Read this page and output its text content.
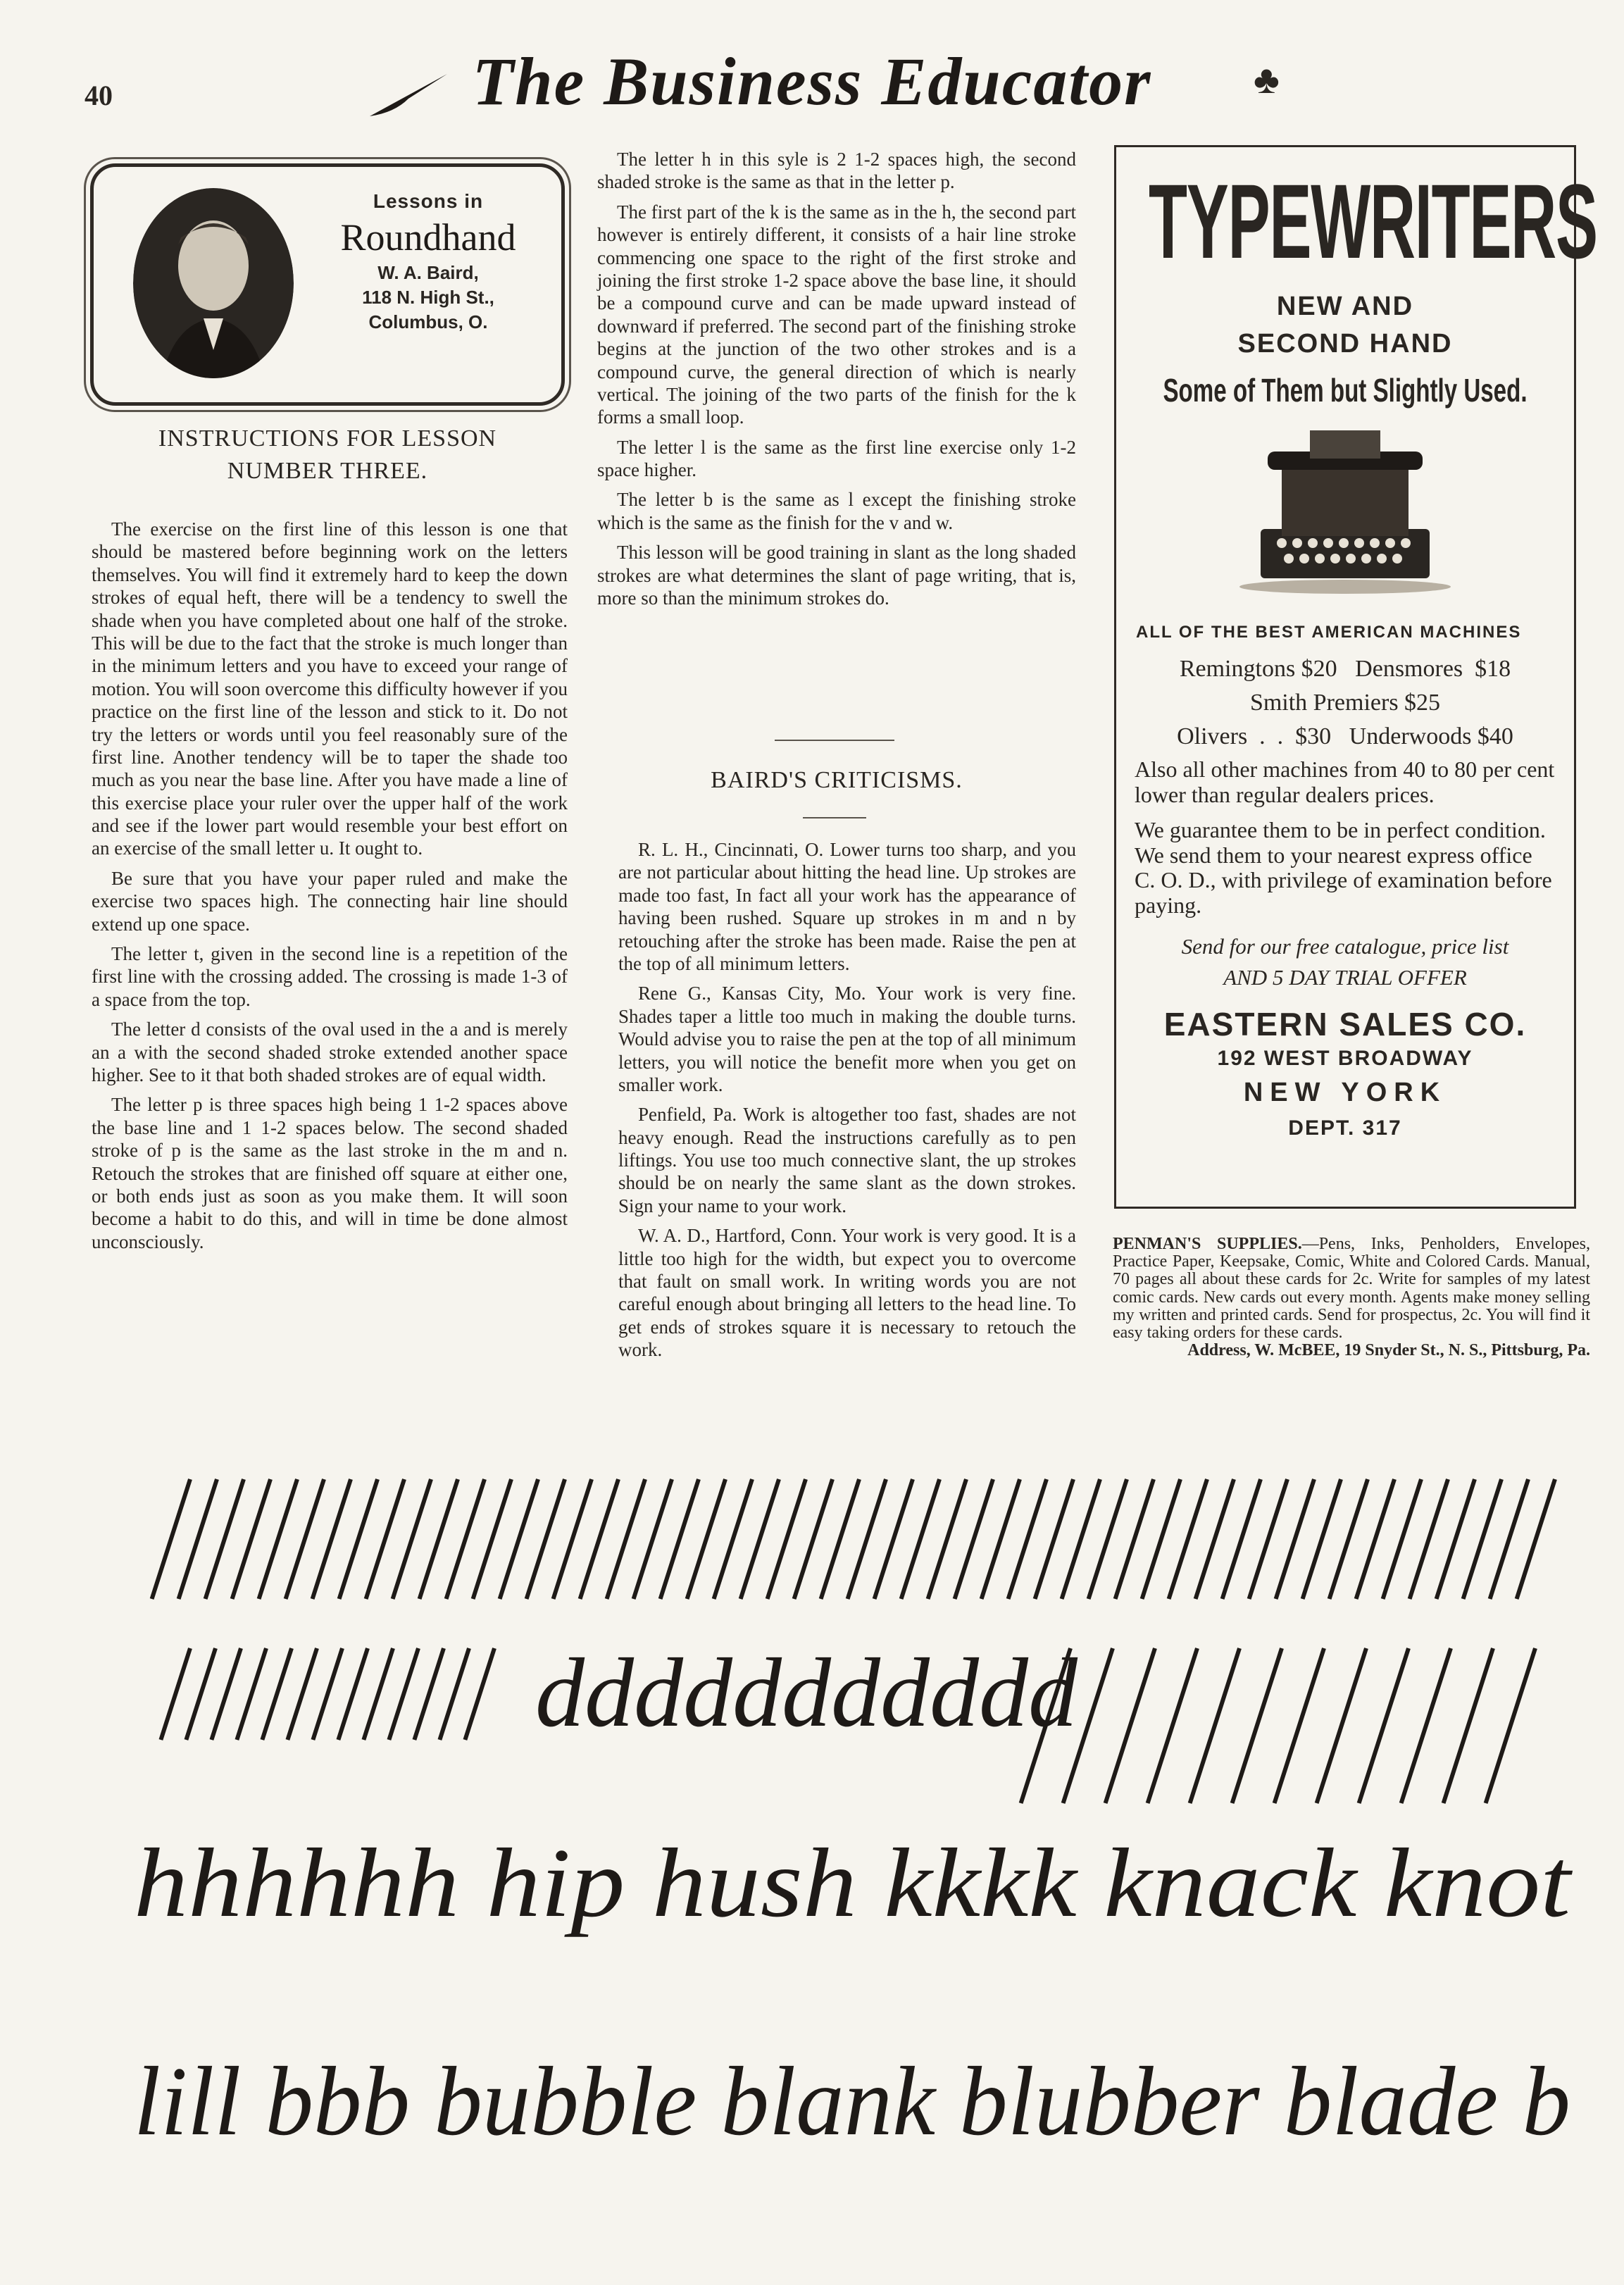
40	The Business Educator	♣
Lessons in
Roundhand
W. A. Baird,
118 N. High St.,
Columbus, O.
INSTRUCTIONS FOR LESSON NUMBER THREE.

The exercise on the first line of this lesson is one that should be mastered before beginning work on the letters themselves. You will find it extremely hard to keep the down strokes of equal heft, there will be a tendency to swell the shade when you have completed about one half of the stroke. This will be due to the fact that the stroke is much longer than in the minimum letters and you have to exceed your range of motion. You will soon overcome this difficulty however if you practice on the first line of the lesson and stick to it. Do not try the letters or words until you feel reasonably sure of the first line. Another tendency will be to taper the shade too much as you near the base line. After you have made a line of this exercise place your ruler over the upper half of the work and see if the lower part would resemble your best effort on an exercise of the small letter u. It ought to.

Be sure that you have your paper ruled and make the exercise two spaces high. The connecting hair line should extend up one space.

The letter t, given in the second line is a repetition of the first line with the crossing added. The crossing is made 1-3 of a space from the top.

The letter d consists of the oval used in the a and is merely an a with the second shaded stroke extended another space higher. See to it that both shaded strokes are of equal width.

The letter p is three spaces high being 1 1-2 spaces above the base line and 1 1-2 spaces below. The second shaded stroke of p is the same as the last stroke in the m and n. Retouch the strokes that are finished off square at either one, or both ends just as soon as you make them. It will soon become a habit to do this, and will in time be done almost unconsciously.

The letter h in this syle is 2 1-2 spaces high, the second shaded stroke is the same as that in the letter p.

The first part of the k is the same as in the h, the second part however is entirely different, it consists of a hair line stroke commencing one space to the right of the first stroke and joining the first stroke 1-2 space above the base line, it should be a compound curve and can be made upward instead of downward if preferred. The second part of the finishing stroke begins at the junction of the two other strokes and is a compound curve, the general direction of which is nearly vertical. The joining of the two parts of the finish for the k forms a small loop.

The letter l is the same as the first line exercise only 1-2 space higher.

The letter b is the same as l except the finishing stroke which is the same as the finish for the v and w.

This lesson will be good training in slant as the long shaded strokes are what determines the slant of page writing, that is, more so than the minimum strokes do.

BAIRD'S CRITICISMS.

R. L. H., Cincinnati, O. Lower turns too sharp, and you are not particular about hitting the head line. Up strokes are made too fast, In fact all your work has the appearance of having been rushed. Square up strokes in m and n by retouching after the stroke has been made. Raise the pen at the top of all minimum letters.

Rene G., Kansas City, Mo. Your work is very fine. Shades taper a little too much in making the double turns. Would advise you to raise the pen at the top of all minimum letters, you will notice the benefit more when you get on smaller work.

Penfield, Pa. Work is altogether too fast, shades are not heavy enough. Read the instructions carefully as to pen liftings. You use too much connective slant, the up strokes should be on nearly the same slant as the down strokes. Sign your name to your work.

W. A. D., Hartford, Conn. Your work is very good. It is a little too high for the width, but expect you to overcome that fault on small work. In writing words you are not careful enough about bringing all letters to the head line. To get ends of strokes square it is necessary to retouch the work.

TYPEWRITERS
NEW AND
SECOND HAND
Some of Them but Slightly Used.
ALL OF THE BEST AMERICAN MACHINES
Remingtons $20   Densmores  $18
Smith Premiers $25
Olivers  .  .  $30   Underwoods $40
Also all other machines from 40 to 80 per cent lower than regular dealers prices.
We guarantee them to be in perfect condition. We send them to your nearest express office C. O. D., with privilege of examination before paying.
Send for our free catalogue, price list
AND 5 DAY TRIAL OFFER
EASTERN SALES CO.
192 WEST BROADWAY
NEW YORK
DEPT. 317
PENMAN'S SUPPLIES.—Pens, Inks, Penholders, Envelopes, Practice Paper, Keepsake, Comic, White and Colored Cards. Manual, 70 pages all about these cards for 2c. Write for samples of my latest comic cards. New cards out every month. Agents make money selling my written and printed cards. Send for prospectus, 2c. You will find it easy taking orders for these cards.
Address, W. McBEE, 19 Snyder St., N. S., Pittsburg, Pa.
ddddddddddd
hhhhhh hip hush kkkk knack knot
lill bbb bubble blank blubber blade b
